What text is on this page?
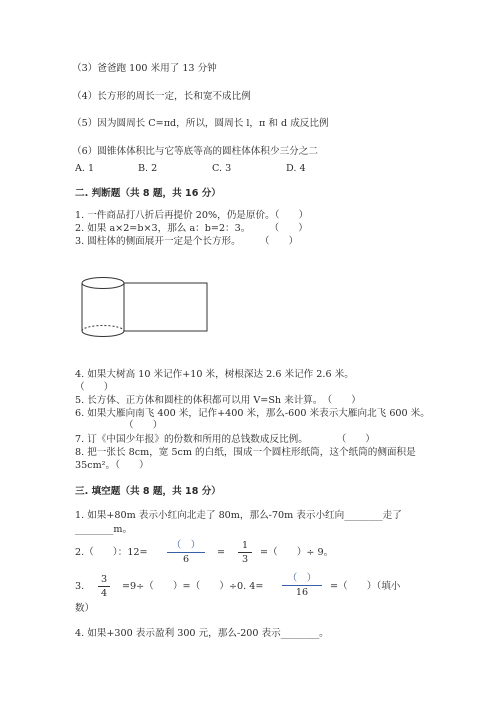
（3）爸爸跑 100 米用了 13 分钟
（4）长方形的周长一定，长和宽不成比例
（5）因为圆周长 C=πd，所以，圆周长 l，π 和 d 成反比例
（6）圆锥体体积比与它等底等高的圆柱体体积少三分之二
A. 1	B. 2	C. 3	D. 4
二. 判断题（共 8 题，共 16 分）
1. 一件商品打八折后再提价 20%，仍是原价。（　　）
2. 如果 a×2=b×3，那么 a：b=2：3。　　　（　　）
3. 圆柱体的侧面展开一定是个长方形。　　　（　　）
4. 如果大树高 10 米记作+10 米，树根深达 2.6 米记作 2.6 米。
（　　）
5. 长方体、正方体和圆柱的体积都可以用 V=Sh 来计算。　（　　）
6. 如果大雁向南飞 400 米，记作+400 米，那么-600 米表示大雁向北飞 600 米。
（　　）
7. 订《中国少年报》的份数和所用的总钱数成反比例。　　　　（　　）
8. 把一张长 8cm，宽 5cm 的白纸，围成一个圆柱形纸筒，这个纸筒的侧面积是
35cm²。（　　）
三. 填空题（共 8 题，共 18 分）
1. 如果+80m 表示小红向北走了 80m，那么-70m 表示小红向________走了
________m。
2.（　　）：12=
（　）
6
=
1
3
=（　　）÷ 9。
3.
3
4
=9÷（　　）=（　　）÷0. 4=
（　）
16
=（　　）（填小
数）
4. 如果+300 表示盈利 300 元，那么-200 表示________。
